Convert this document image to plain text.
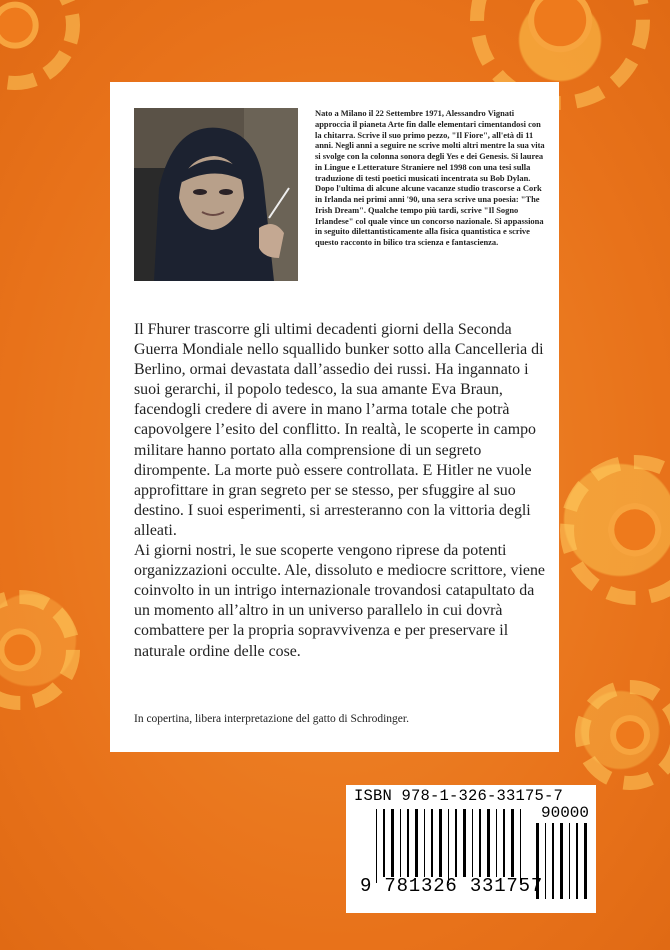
Nato a Milano il 22 Settembre 1971, Alessandro Vignati approccia il pianeta Arte fin dalle elementari cimentandosi con la chitarra. Scrive il suo primo pezzo, "Il Fiore", all'età di 11 anni. Negli anni a seguire ne scrive molti altri mentre la sua vita si svolge con la colonna sonora degli Yes e dei Genesis. Si laurea in Lingue e Letterature Straniere nel 1998 con una tesi sulla traduzione di testi poetici musicati incentrata su Bob Dylan. Dopo l'ultima di alcune alcune vacanze studio trascorse a Cork in Irlanda nei primi anni '90, una sera scrive una poesia: "The Irish Dream". Qualche tempo più tardi, scrive "Il Sogno Irlandese" col quale vince un concorso nazionale. Si appassiona in seguito dilettantisticamente alla fisica quantistica e scrive questo racconto in bilico tra scienza e fantascienza.

Il Fhurer trascorre gli ultimi decadenti giorni della Seconda Guerra Mondiale nello squallido bunker sotto alla Cancelleria di Berlino, ormai devastata dall’assedio dei russi. Ha ingannato i suoi gerarchi, il popolo tedesco, la sua amante Eva Braun, facendogli credere di avere in mano l’arma totale che potrà capovolgere l’esito del conflitto. In realtà, le scoperte in campo militare hanno portato alla comprensione di un segreto dirompente. La morte può essere controllata. E Hitler ne vuole approfittare in gran segreto per se stesso, per sfuggire al suo destino. I suoi esperimenti, si arresteranno con la vittoria degli alleati.

Ai giorni nostri, le sue scoperte vengono riprese da potenti organizzazioni occulte. Ale, dissoluto e mediocre scrittore, viene coinvolto in un intrigo internazionale trovandosi catapultato da un momento all’altro in un universo parallelo in cui dovrà combattere per la propria sopravvivenza e per preservare il naturale ordine delle cose.

In copertina, libera interpretazione del gatto di Schrodinger.
ISBN 978-1-326-33175-7
9 781326 331757
90000
